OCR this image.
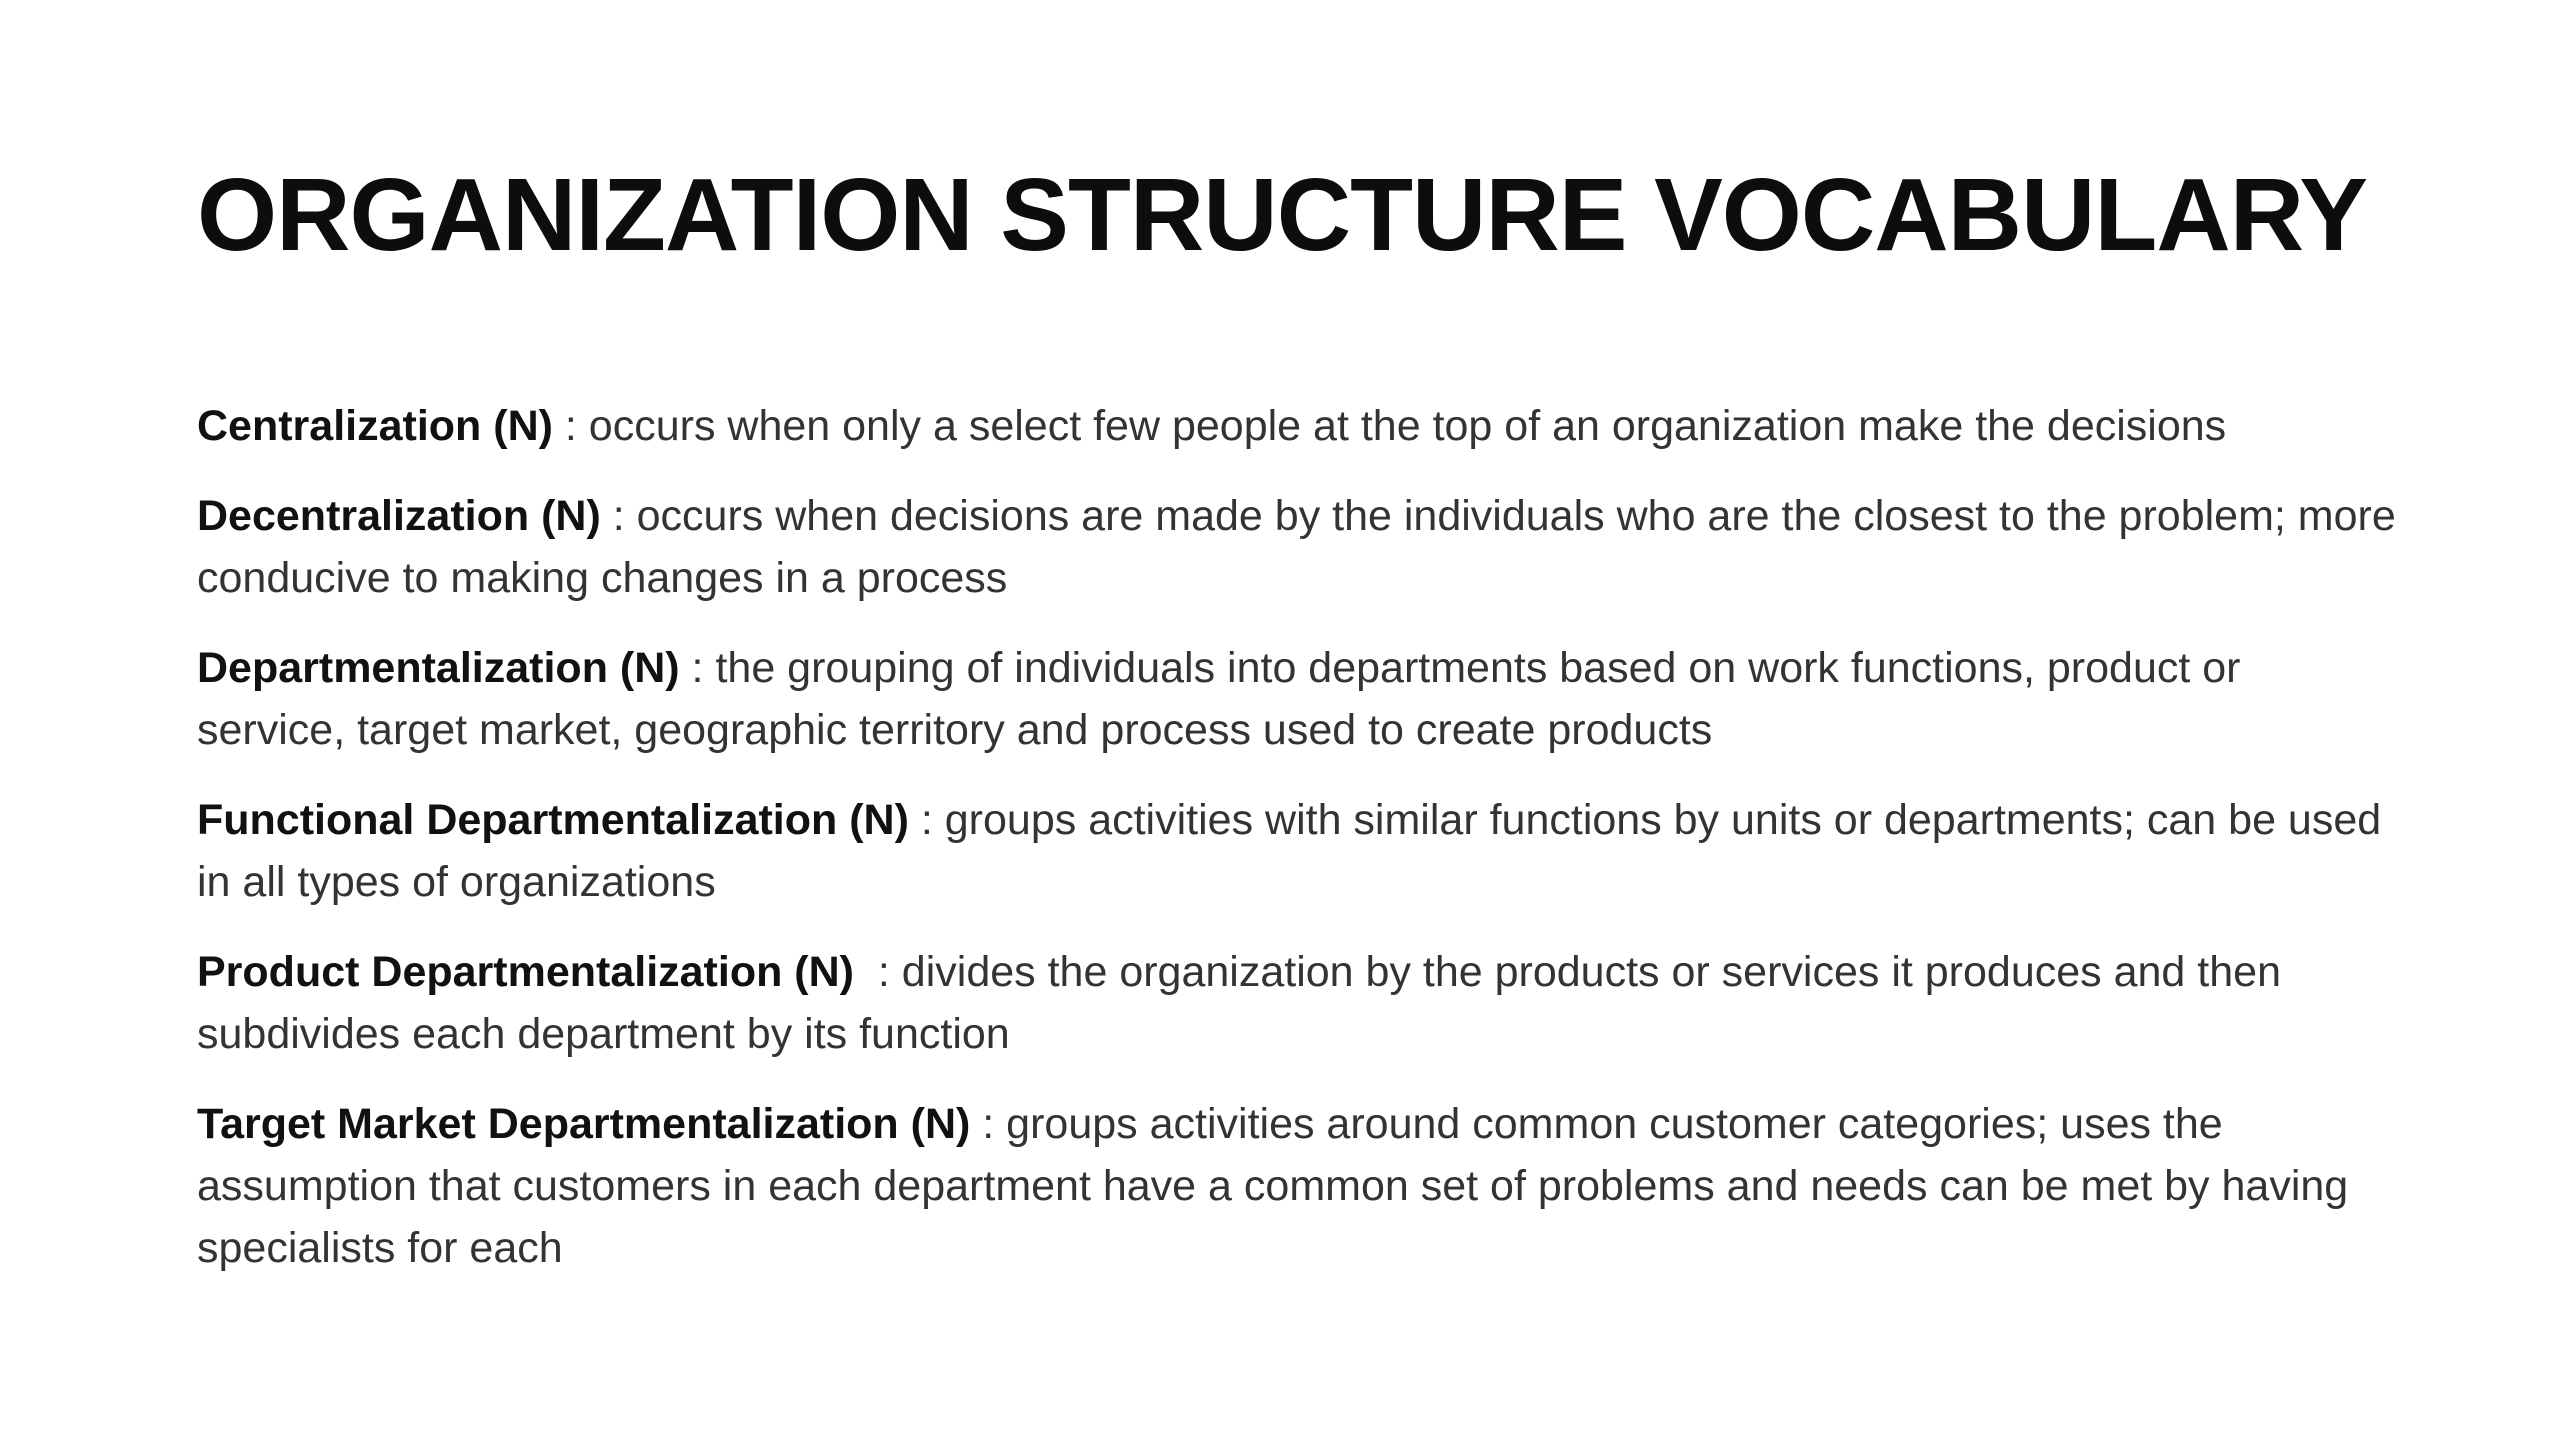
ORGANIZATION STRUCTURE VOCABULARY

Centralization (N) : occurs when only a select few people at the top of an organization make the decisions

Decentralization (N) : occurs when decisions are made by the individuals who are the closest to the problem; more conducive to making changes in a process

Departmentalization (N) : the grouping of individuals into departments based on work functions, product or service, target market, geographic territory and process used to create products

Functional Departmentalization (N) : groups activities with similar functions by units or departments; can be used in all types of organizations

Product Departmentalization (N)  : divides the organization by the products or services it produces and then subdivides each department by its function

Target Market Departmentalization (N) : groups activities around common customer categories; uses the assumption that customers in each department have a common set of problems and needs can be met by having specialists for each
